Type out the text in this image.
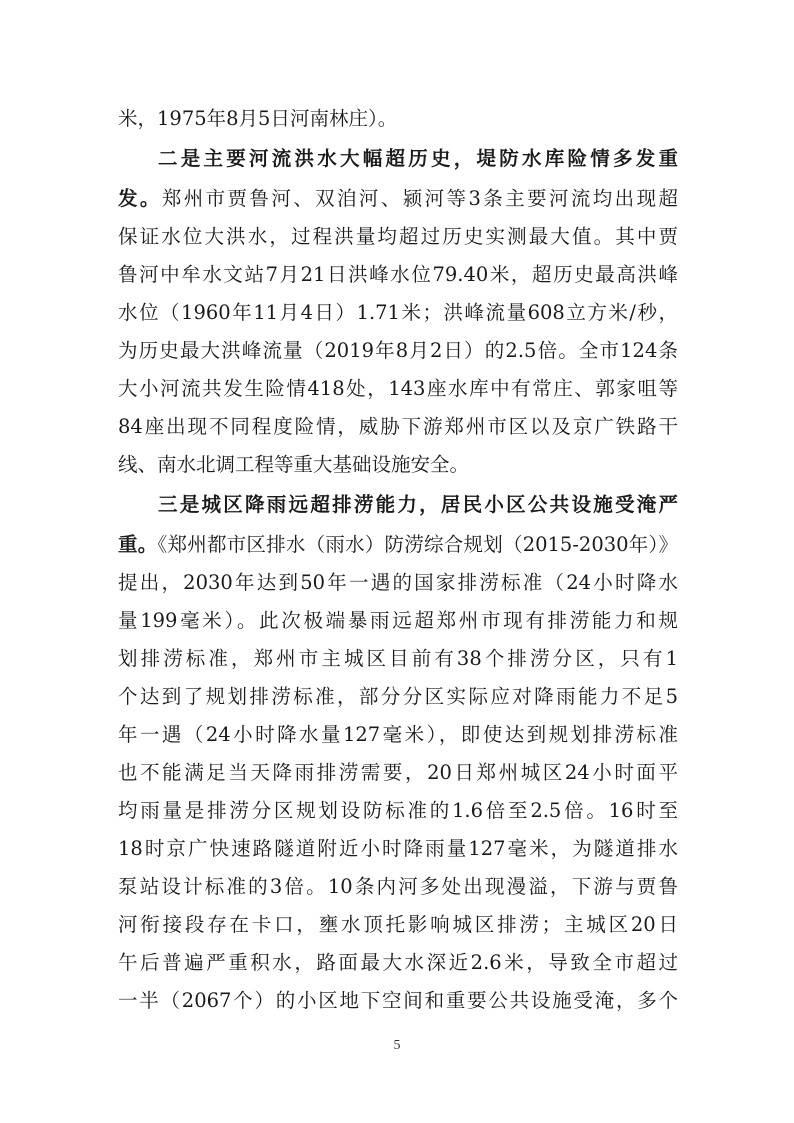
米，1975年8月5日河南林庄）。
二是主要河流洪水大幅超历史，堤防水库险情多发重
发。郑州市贾鲁河、双洎河、颍河等3条主要河流均出现超
保证水位大洪水，过程洪量均超过历史实测最大值。其中贾
鲁河中牟水文站7月21日洪峰水位79.40米，超历史最高洪峰
水位（1960年11月4日）1.71米；洪峰流量608立方米/秒，
为历史最大洪峰流量（2019年8月2日）的2.5倍。全市124条
大小河流共发生险情418处，143座水库中有常庄、郭家咀等
84座出现不同程度险情，威胁下游郑州市区以及京广铁路干
线、南水北调工程等重大基础设施安全。
三是城区降雨远超排涝能力，居民小区公共设施受淹严
重。《郑州都市区排水（雨水）防涝综合规划（2015-2030年）》
提出，2030年达到50年一遇的国家排涝标准（24小时降水
量199毫米）。此次极端暴雨远超郑州市现有排涝能力和规
划排涝标准，郑州市主城区目前有38个排涝分区，只有1
个达到了规划排涝标准，部分分区实际应对降雨能力不足5
年一遇（24小时降水量127毫米），即使达到规划排涝标准
也不能满足当天降雨排涝需要，20日郑州城区24小时面平
均雨量是排涝分区规划设防标准的1.6倍至2.5倍。16时至
18时京广快速路隧道附近小时降雨量127毫米，为隧道排水
泵站设计标准的3倍。10条内河多处出现漫溢，下游与贾鲁
河衔接段存在卡口，壅水顶托影响城区排涝；主城区20日
午后普遍严重积水，路面最大水深近2.6米，导致全市超过
一半（2067个）的小区地下空间和重要公共设施受淹，多个
5
